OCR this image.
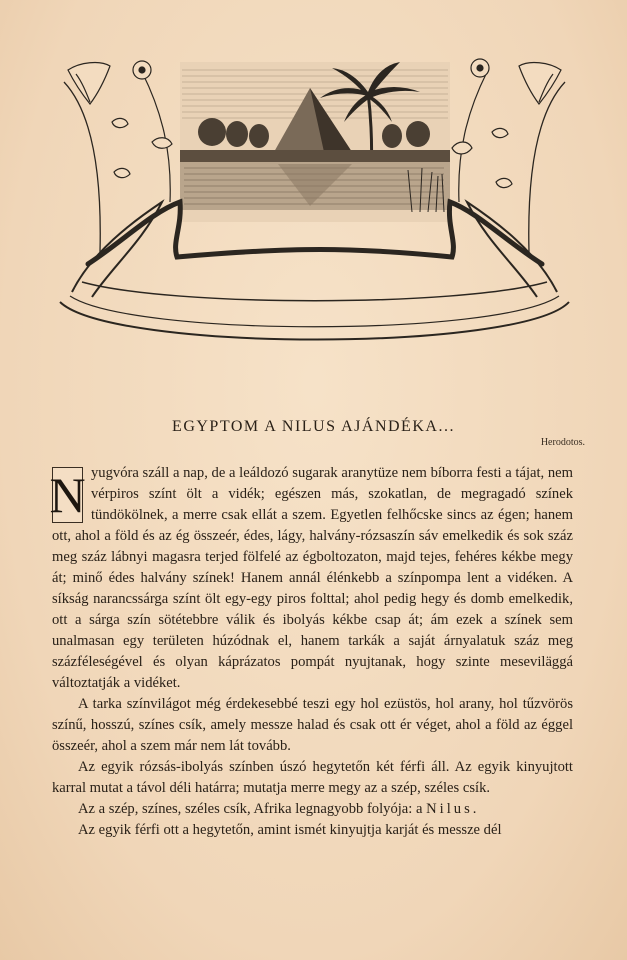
EGYPTOM A NILUS AJÁNDÉKA...
Herodotos.

N yugvóra száll a nap, de a leáldozó sugarak aranytüze nem bíborra festi a tájat, nem vérpiros színt ölt a vidék; egészen más, szokatlan, de megragadó színek tündökölnek, a merre csak ellát a szem. Egyetlen felhőcske sincs az égen; hanem ott, ahol a föld és az ég összeér, édes, lágy, halvány-rózsaszín sáv emelkedik és sok száz meg száz lábnyi magasra terjed fölfelé az égboltozaton, majd tejes, fehéres kékbe megy át; minő édes halvány színek! Hanem annál élénkebb a színpompa lent a vidéken. A síkság narancssárga színt ölt egy-egy piros folttal; ahol pedig hegy és domb emelkedik, ott a sárga szín sötétebbre válik és ibolyás kékbe csap át; ám ezek a színek sem unalmasan egy területen húzódnak el, hanem tarkák a saját árnyalatuk száz meg százféleségével és olyan káprázatos pompát nyujtanak, hogy szinte meseviläggá változtatják a vidéket.

A tarka színvilágot még érdekesebbé teszi egy hol ezüstös, hol arany, hol tűzvörös színű, hosszú, színes csík, amely messze halad és csak ott ér véget, ahol a föld az éggel összeér, ahol a szem már nem lát tovább.

Az egyik rózsás-ibolyás színben úszó hegytetőn két férfi áll. Az egyik kinyujtott karral mutat a távol déli határra; mutatja merre megy az a szép, széles csík.

Az a szép, színes, széles csík, Afrika legnagyobb folyója: a Nilus.

Az egyik férfi ott a hegytetőn, amint ismét kinyujtja karját és messze dél
